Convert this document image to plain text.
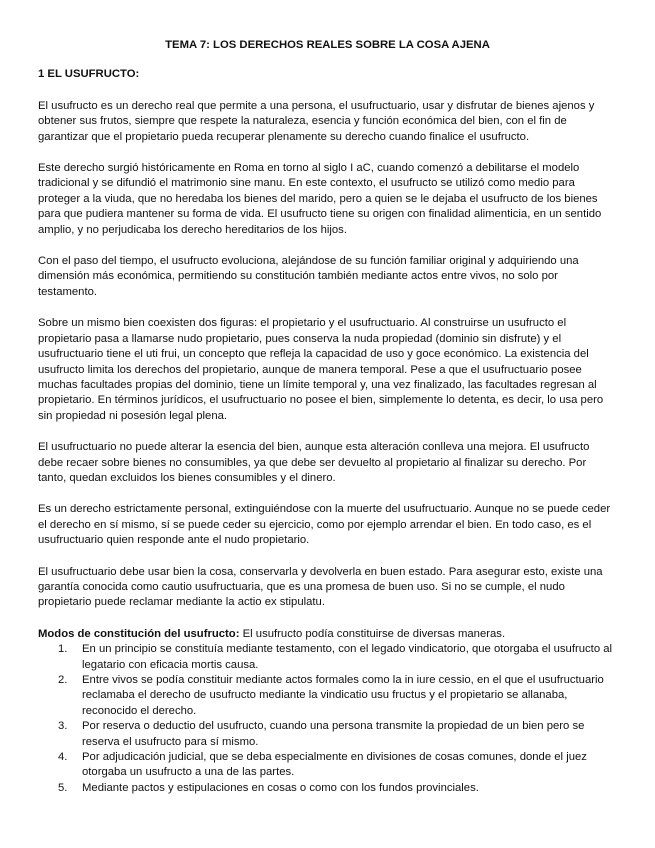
TEMA 7: LOS DERECHOS REALES SOBRE LA COSA AJENA
1 EL USUFRUCTO:

El usufructo es un derecho real que permite a una persona, el usufructuario, usar y disfrutar de bienes ajenos y obtener sus frutos, siempre que respete la naturaleza, esencia y función económica del bien, con el fin de garantizar que el propietario pueda recuperar plenamente su derecho cuando finalice el usufructo.

Este derecho surgió históricamente en Roma en torno al siglo I aC, cuando comenzó a debilitarse el modelo tradicional y se difundió el matrimonio sine manu. En este contexto, el usufructo se utilizó como medio para proteger a la viuda, que no heredaba los bienes del marido, pero a quien se le dejaba el usufructo de los bienes para que pudiera mantener su forma de vida. El usufructo tiene su origen con finalidad alimenticia, en un sentido amplio, y no perjudicaba los derecho hereditarios de los hijos.

Con el paso del tiempo, el usufructo evoluciona, alejándose de su función familiar original y adquiriendo una dimensión más económica, permitiendo su constitución también mediante actos entre vivos, no solo por testamento.

Sobre un mismo bien coexisten dos figuras: el propietario y el usufructuario. Al construirse un usufructo el propietario pasa a llamarse nudo propietario, pues conserva la nuda propiedad (dominio sin disfrute) y el usufructuario tiene el uti frui, un concepto que refleja la capacidad de uso y goce económico. La existencia del usufructo limita los derechos del propietario, aunque de manera temporal. Pese a que el usufructuario posee muchas facultades propias del dominio, tiene un límite temporal y, una vez finalizado, las facultades regresan al propietario. En términos jurídicos, el usufructuario no posee el bien, simplemente lo detenta, es decir, lo usa pero sin propiedad ni posesión legal plena.

El usufructuario no puede alterar la esencia del bien, aunque esta alteración conlleva una mejora. El usufructo debe recaer sobre bienes no consumibles, ya que debe ser devuelto al propietario al finalizar su derecho. Por tanto, quedan excluidos los bienes consumibles y el dinero.

Es un derecho estrictamente personal, extinguiéndose con la muerte del usufructuario. Aunque no se puede ceder el derecho en sí mismo, sí se puede ceder su ejercicio, como por ejemplo arrendar el bien. En todo caso, es el usufructuario quien responde ante el nudo propietario.

El usufructuario debe usar bien la cosa, conservarla y devolverla en buen estado. Para asegurar esto, existe una garantía conocida como cautio usufructuaria, que es una promesa de buen uso. Si no se cumple, el nudo propietario puede reclamar mediante la actio ex stipulatu.

Modos de constitución del usufructo: El usufructo podía constituirse de diversas maneras.

1. En un principio se constituía mediante testamento, con el legado vindicatorio, que otorgaba el usufructo al legatario con eficacia mortis causa.
2. Entre vivos se podía constituir mediante actos formales como la in iure cessio, en el que el usufructuario reclamaba el derecho de usufructo mediante la vindicatio usu fructus y el propietario se allanaba, reconocido el derecho.
3. Por reserva o deductio del usufructo, cuando una persona transmite la propiedad de un bien pero se reserva el usufructo para sí mismo.
4. Por adjudicación judicial, que se deba especialmente en divisiones de cosas comunes, donde el juez otorgaba un usufructo a una de las partes.
5. Mediante pactos y estipulaciones en cosas o como con los fundos provinciales.
